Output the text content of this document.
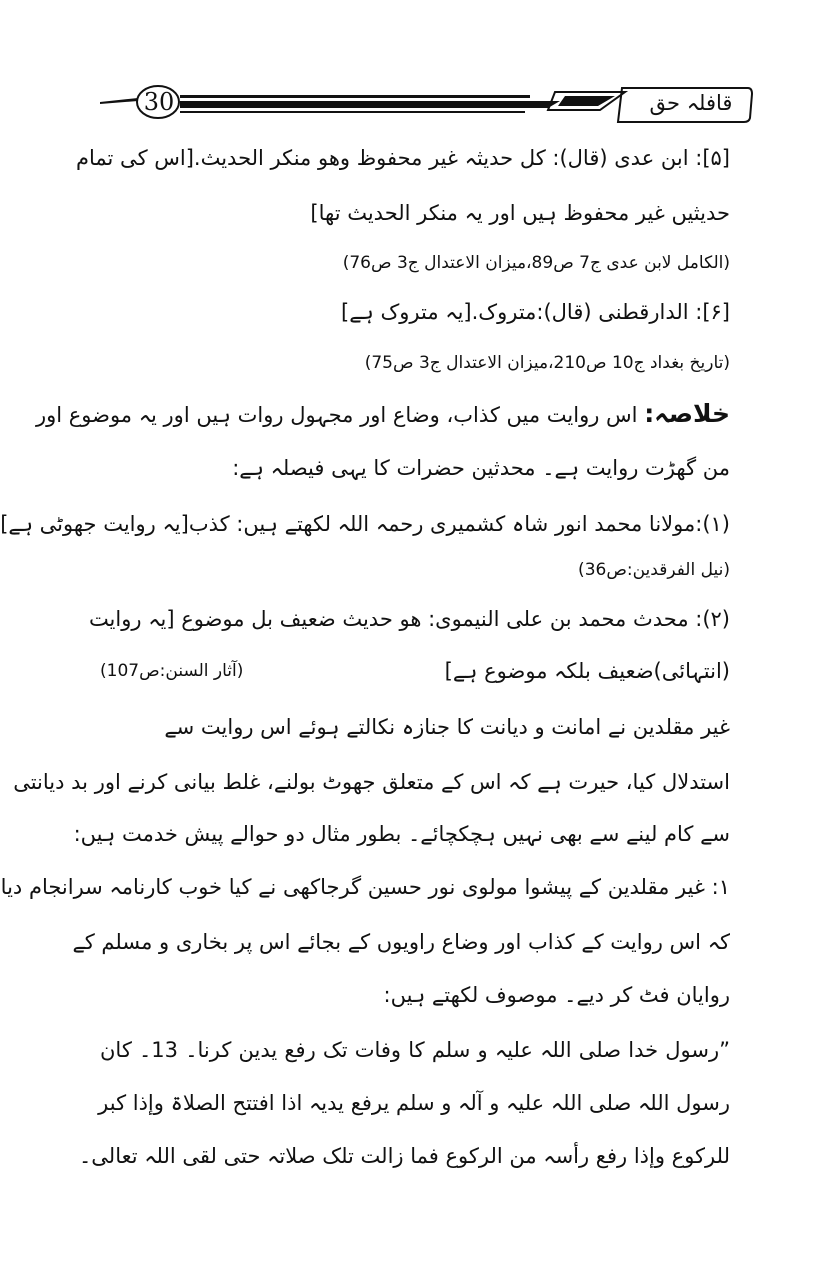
30	قافلہ حق
[۵]: ابن عدی (قال): کل حدیثہ غیر محفوظ وھو منکر الحدیث.[اس کی تمام
حدیثیں غیر محفوظ ہیں اور یہ منکر الحدیث تھا]
(الکامل لابن عدی ج7 ص89،میزان الاعتدال ج3 ص76)
[۶]: الدارقطنی (قال):متروک.[یہ متروک ہے]
(تاریخ بغداد ج10 ص210،میزان الاعتدال ج3 ص75)
خلاصہ: اس روایت میں کذاب، وضاع اور مجہول روات ہیں اور یہ موضوع اور
من گھڑت روایت ہے۔ محدثین حضرات کا یہی فیصلہ ہے:
(۱):مولانا محمد انور شاہ کشمیری رحمہ اللہ لکھتے ہیں: کذب[یہ روایت جھوٹی ہے]
(نیل الفرقدین:ص36)
(۲): محدث محمد بن علی النیموی: ھو حدیث ضعیف بل موضوع [یہ روایت
(انتہائی)ضعیف بلکہ موضوع ہے]
(آثار السنن:ص107)
غیر مقلدین نے امانت و دیانت کا جنازہ نکالتے ہوئے اس روایت سے
استدلال کیا، حیرت ہے کہ اس کے متعلق جھوٹ بولنے، غلط بیانی کرنے اور بد دیانتی
سے کام لینے سے بھی نہیں ہچکچائے۔ بطور مثال دو حوالے پیش خدمت ہیں:
۱: غیر مقلدین کے پیشوا مولوی نور حسین گرجاکھی نے کیا خوب کارنامہ سرانجام دیا
کہ اس روایت کے کذاب اور وضاع راویوں کے بجائے اس پر بخاری و مسلم کے
روایان فٹ کر دیے۔ موصوف لکھتے ہیں:
”رسول خدا صلی اللہ علیہ و سلم کا وفات تک رفع یدین کرنا۔ 13۔ کان
رسول اللہ صلی اللہ علیہ و آلہ و سلم یرفع یدیہ اذا افتتح الصلاۃ وإذا کبر
للرکوع وإذا رفع رأسہ من الرکوع فما زالت تلک صلاتہ حتی لقی اللہ تعالی۔
